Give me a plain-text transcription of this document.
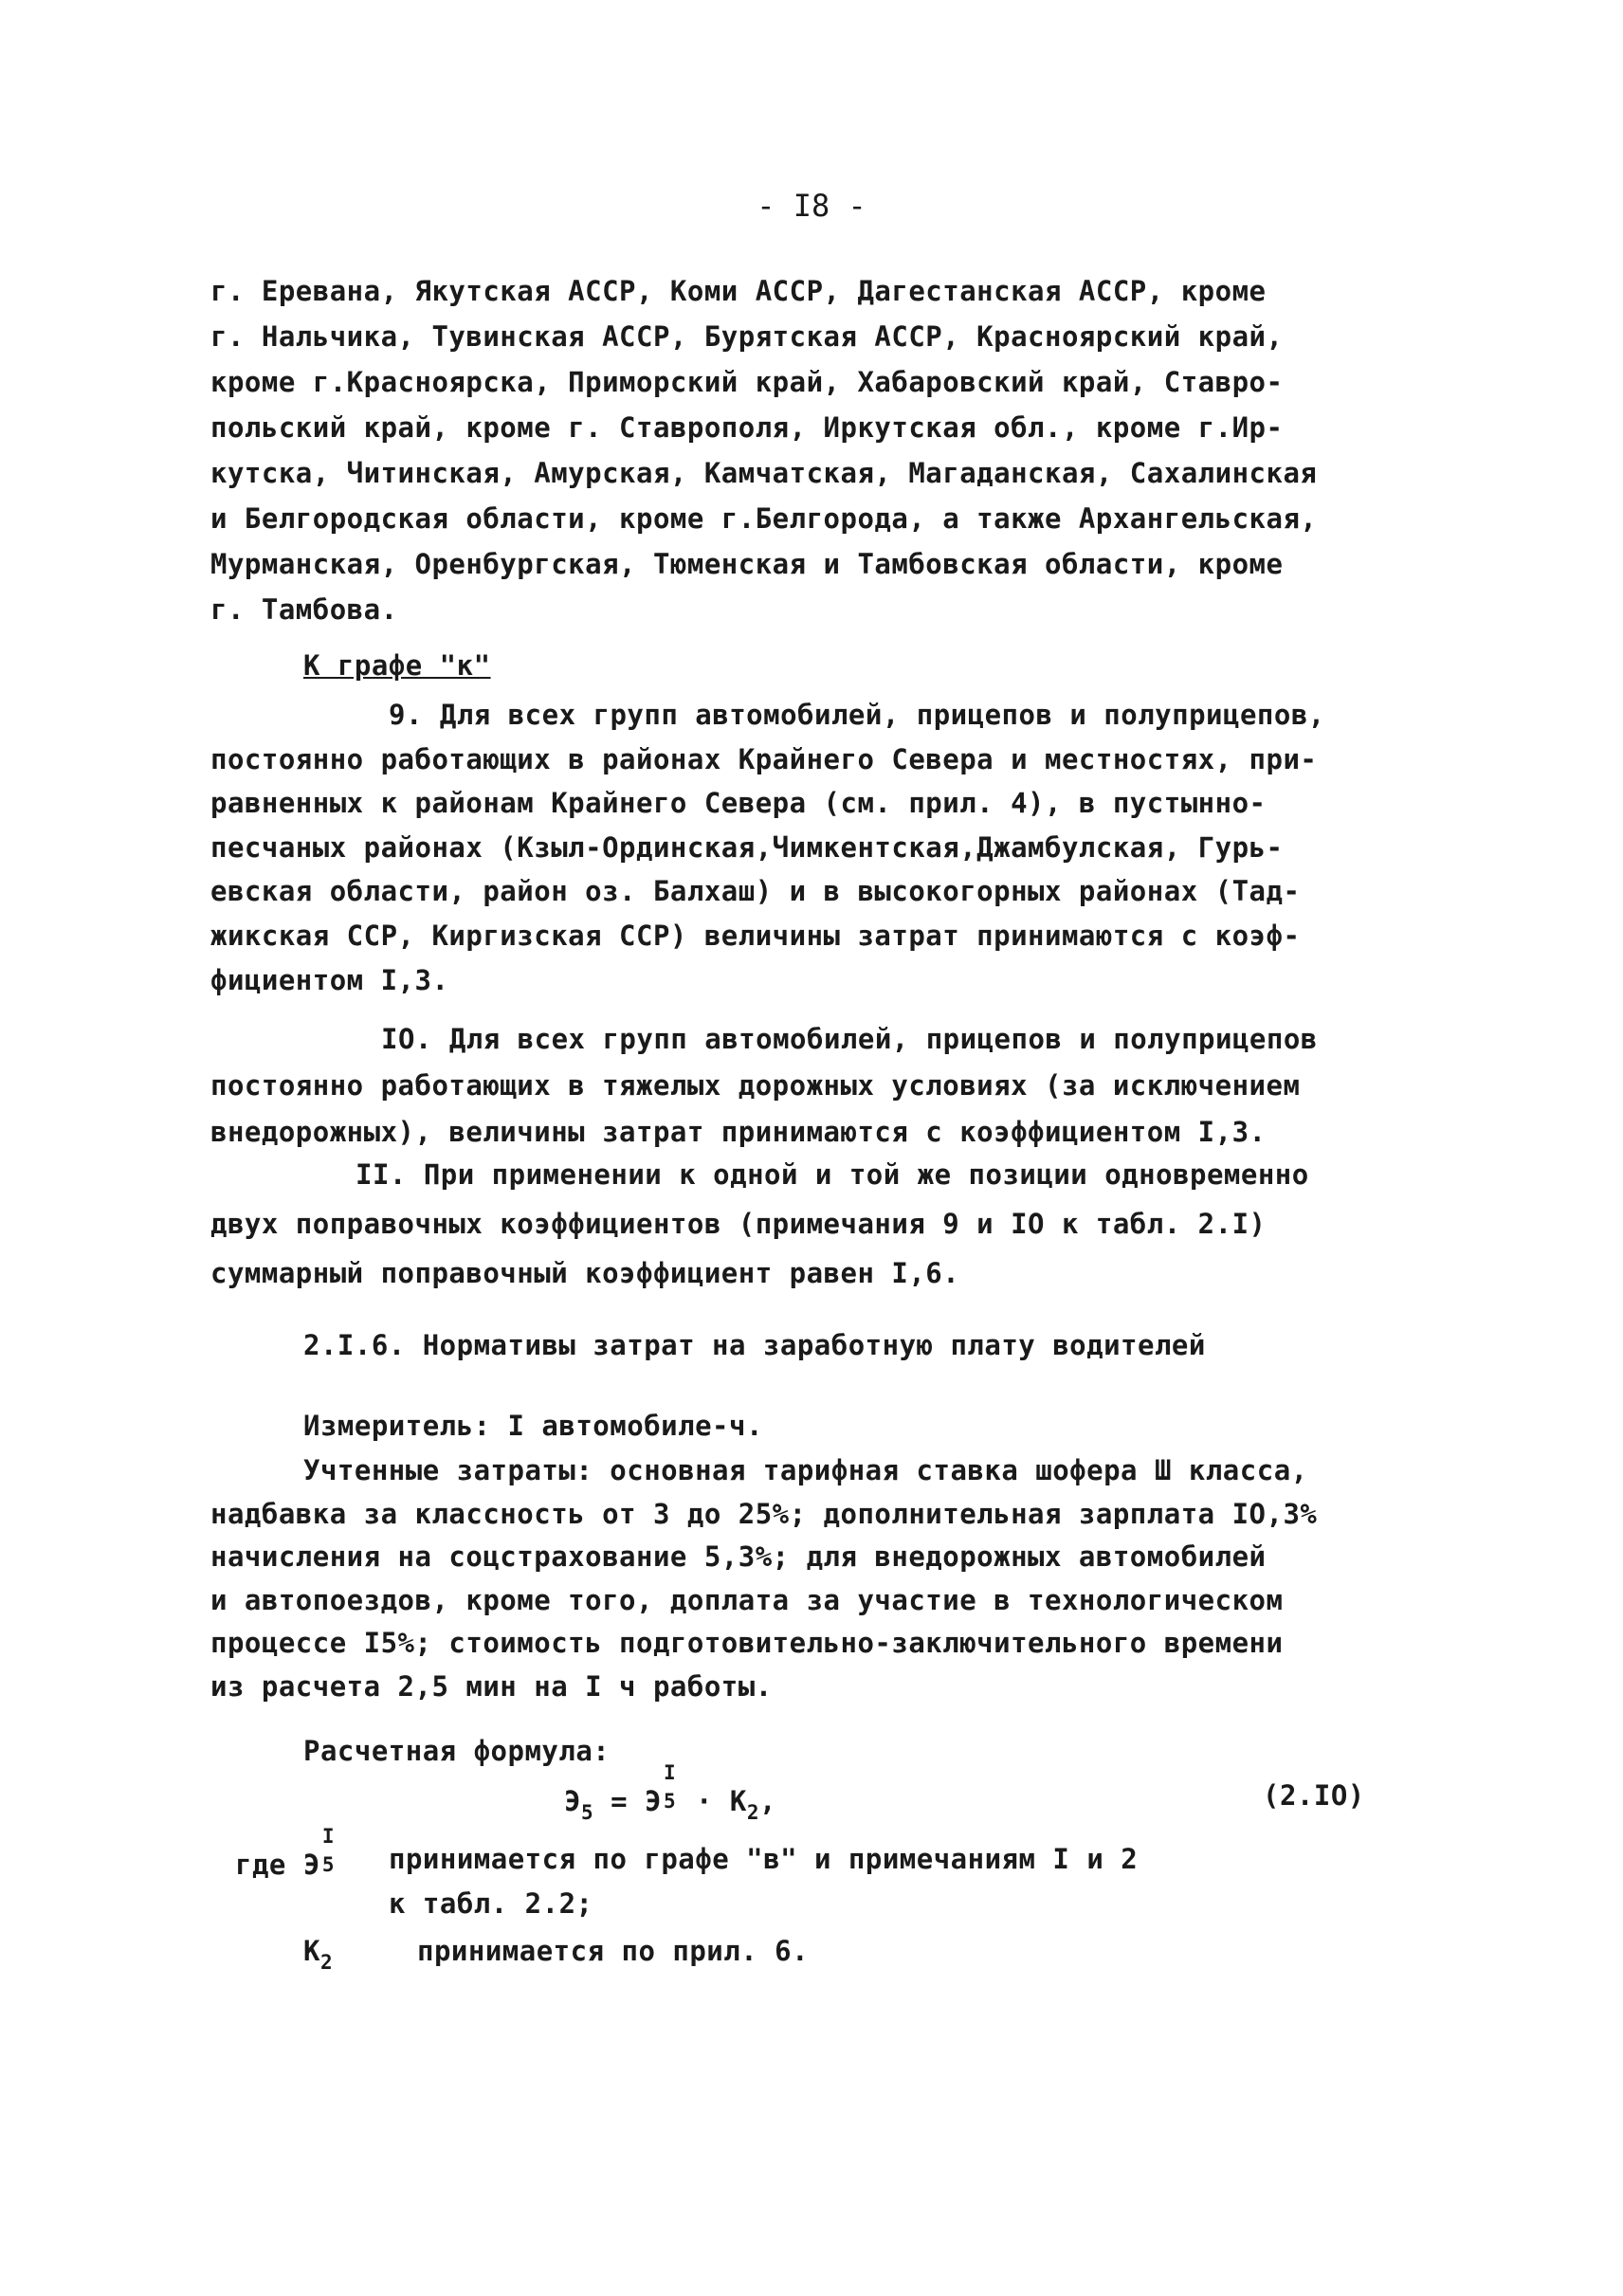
- I8 -
г. Еревана, Якутская АССР, Коми АССР, Дагестанская АССР, кроме
г. Нальчика, Тувинская АССР, Бурятская АССР, Красноярский край,
кроме г.Красноярска, Приморский край, Хабаровский край, Ставро-
польский край, кроме г. Ставрополя, Иркутская обл., кроме г.Ир-
кутска, Читинская, Амурская, Камчатская, Магаданская, Сахалинская
и Белгородская области, кроме г.Белгорода, а также Архангельская,
Мурманская, Оренбургская, Тюменская и Тамбовская области, кроме
г. Тамбова.
К графе "к"
9. Для всех групп автомобилей, прицепов и полуприцепов,
постоянно работающих в районах Крайнего Севера и местностях, при-
равненных к районам Крайнего Севера (см. прил. 4), в пустынно-
песчаных районах (Кзыл-Ординская,Чимкентская,Джамбулская, Гурь-
евская области, район оз. Балхаш) и в высокогорных районах (Тад-
жикская ССР, Киргизская ССР) величины затрат принимаются с коэф-
фициентом I,3.
IO. Для всех групп автомобилей, прицепов и полуприцепов
постоянно работающих в тяжелых дорожных условиях (за исключением
внедорожных), величины затрат принимаются с коэффициентом I,3.
II. При применении к одной и той же позиции одновременно
двух поправочных коэффициентов (примечания 9 и IO к табл. 2.I)
суммарный поправочный коэффициент равен I,6.
2.I.6. Нормативы затрат на заработную плату водителей
Измеритель: I автомобиле-ч.
Учтенные затраты: основная тарифная ставка шофера Ш класса,
надбавка за классность от 3 до 25%; дополнительная зарплата IO,3%
начисления на соцстрахование 5,3%; для внедорожных автомобилей
и автопоездов, кроме того, доплата за участие в технологическом
процессе I5%; стоимость подготовительно-заключительного времени
из расчета 2,5 мин на I ч работы.
Расчетная формула:
$Э_5 = Э$
I
$5 \cdot К_2$,	(2.IO)
где Э
I
5 принимается по графе "в" и примечаниям I и 2
к табл. 2.2;
$К_2$	принимается по прил. 6.
